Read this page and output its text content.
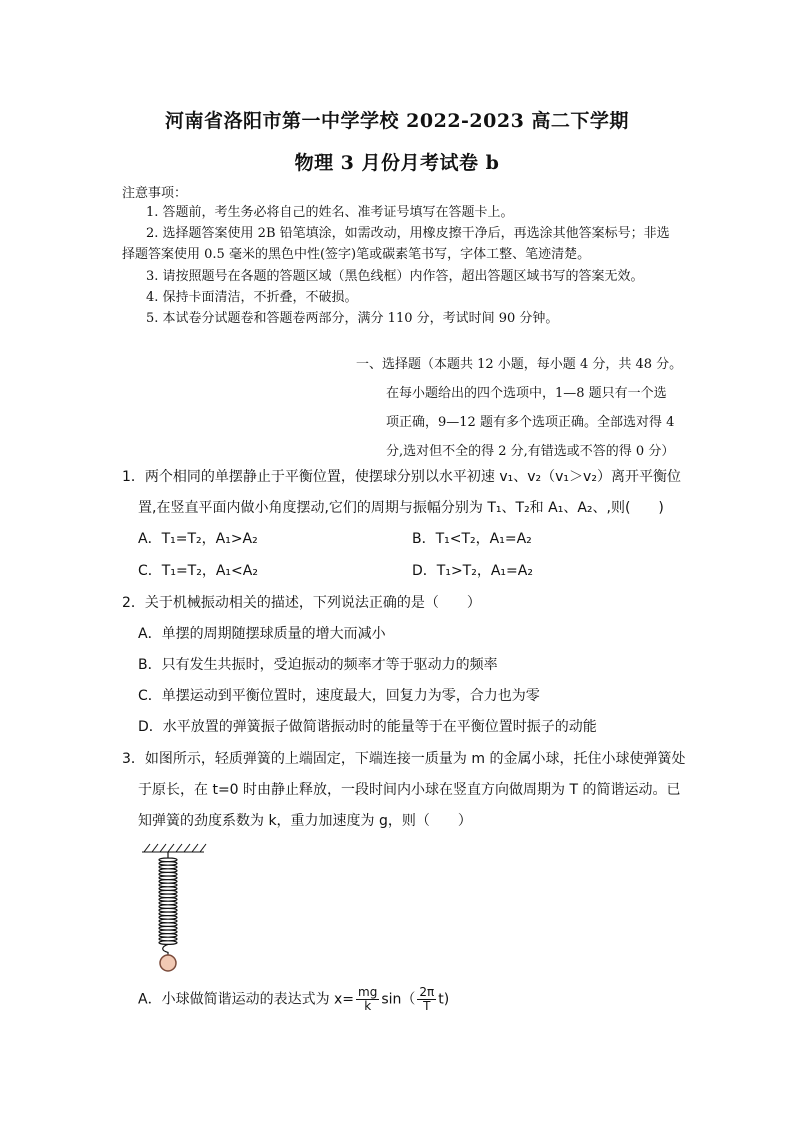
河南省洛阳市第一中学学校 2022-2023 高二下学期
物理 3 月份月考试卷 b
注意事项：
1. 答题前，考生务必将自己的姓名、准考证号填写在答题卡上。
2. 选择题答案使用 2B 铅笔填涂，如需改动，用橡皮擦干净后，再选涂其他答案标号；非选择题答案使用 0.5 毫米的黑色中性(签字)笔或碳素笔书写，字体工整、笔迹清楚。
3. 请按照题号在各题的答题区域（黑色线框）内作答，超出答题区域书写的答案无效。
4. 保持卡面清洁，不折叠，不破损。
5. 本试卷分试题卷和答题卷两部分，满分 110 分，考试时间 90 分钟。
一、选择题（本题共 12 小题，每小题 4 分，共 48 分。
在每小题给出的四个选项中，1—8 题只有一个选
项正确，9—12 题有多个选项正确。全部选对得 4
分,选对但不全的得 2 分,有错选或不答的得 0 分）
1．两个相同的单摆静止于平衡位置，使摆球分别以水平初速 v₁、v₂（v₁＞v₂）离开平衡位
置,在竖直平面内做小角度摆动,它们的周期与振幅分别为 T₁、T₂和 A₁、A₂、,则(　　)
A．T₁=T₂，A₁>A₂	B．T₁<T₂，A₁=A₂
C．T₁=T₂，A₁<A₂	D．T₁>T₂，A₁=A₂
2．关于机械振动相关的描述，下列说法正确的是（　　）
A．单摆的周期随摆球质量的增大而减小
B．只有发生共振时，受迫振动的频率才等于驱动力的频率
C．单摆运动到平衡位置时，速度最大，回复力为零，合力也为零
D．水平放置的弹簧振子做简谐振动时的能量等于在平衡位置时振子的动能
3．如图所示，轻质弹簧的上端固定，下端连接一质量为 m 的金属小球，托住小球使弹簧处
于原长，在 t=0 时由静止释放，一段时间内小球在竖直方向做周期为 T 的简谐运动。已
知弹簧的劲度系数为 k，重力加速度为 g，则（　　）
A．小球做简谐运动的表达式为 $x= \frac{mg}{k} \sin( \frac{2\pi}{T} t)$
